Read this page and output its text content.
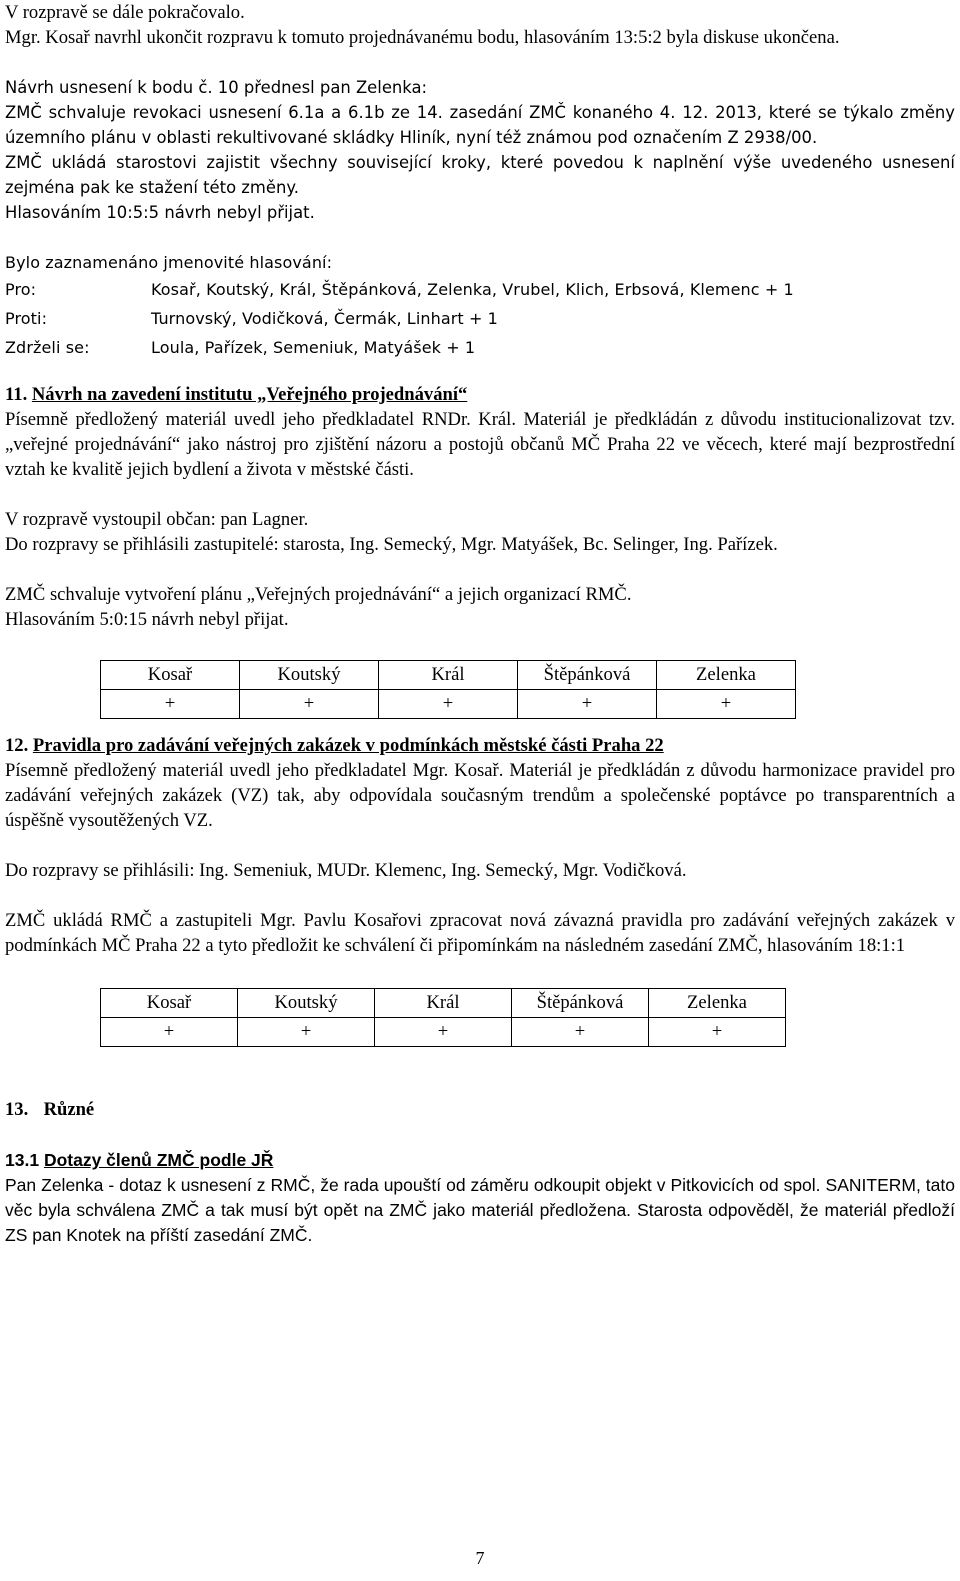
V rozpravě se dále pokračovalo.

Mgr. Kosař navrhl ukončit rozpravu k tomuto projednávanému bodu, hlasováním 13:5:2 byla diskuse ukončena.

Návrh usnesení k bodu č. 10 přednesl pan Zelenka:

ZMČ schvaluje revokaci usnesení 6.1a a 6.1b ze 14. zasedání ZMČ konaného 4. 12. 2013, které se týkalo změny územního plánu v oblasti rekultivované skládky Hliník, nyní též známou pod označením Z 2938/00.

ZMČ ukládá starostovi zajistit všechny související kroky, které povedou k naplnění výše uvedeného usnesení zejména pak ke stažení této změny.

Hlasováním 10:5:5 návrh nebyl přijat.

Bylo zaznamenáno jmenovité hlasování:

Pro:	Kosař, Koutský, Král, Štěpánková, Zelenka, Vrubel, Klich, Erbsová, Klemenc + 1
Proti:	Turnovský, Vodičková, Čermák, Linhart + 1
Zdrželi se:	Loula, Pařízek, Semeniuk, Matyášek + 1

11. Návrh na zavedení institutu „Veřejného projednávání“

Písemně předložený materiál uvedl jeho předkladatel RNDr. Král. Materiál je předkládán z důvodu institucionalizovat tzv. „veřejné projednávání“ jako nástroj pro zjištění názoru a postojů občanů MČ Praha 22 ve věcech, které mají bezprostřední vztah ke kvalitě jejich bydlení a života v městské části.

V rozpravě vystoupil občan: pan Lagner.

Do rozpravy se přihlásili zastupitelé: starosta, Ing. Semecký, Mgr. Matyášek, Bc. Selinger, Ing. Pařízek.

ZMČ schvaluje vytvoření plánu „Veřejných projednávání“ a jejich organizací RMČ.

Hlasováním 5:0:15 návrh nebyl přijat.

Kosař	Koutský	Král	Štěpánková	Zelenka
+	+	+	+	+

12. Pravidla pro zadávání veřejných zakázek v podmínkách městské části Praha 22

Písemně předložený materiál uvedl jeho předkladatel Mgr. Kosař. Materiál je předkládán z důvodu harmonizace pravidel pro zadávání veřejných zakázek (VZ) tak, aby odpovídala současným trendům a společenské poptávce po transparentních a úspěšně vysoutěžených VZ.

Do rozpravy se přihlásili: Ing. Semeniuk, MUDr. Klemenc, Ing. Semecký, Mgr. Vodičková.

ZMČ ukládá RMČ a zastupiteli Mgr. Pavlu Kosařovi zpracovat nová závazná pravidla pro zadávání veřejných zakázek v podmínkách MČ Praha 22 a tyto předložit ke schválení či připomínkám na následném zasedání ZMČ, hlasováním 18:1:1

Kosař	Koutský	Král	Štěpánková	Zelenka
+	+	+	+	+

13. Různé

13.1 Dotazy členů ZMČ podle JŘ

Pan Zelenka - dotaz k usnesení z RMČ, že rada upouští od záměru odkoupit objekt v Pitkovicích od spol. SANITERM, tato věc byla schválena ZMČ a tak musí být opět na ZMČ jako materiál předložena. Starosta odpověděl, že materiál předloží ZS pan Knotek na příští zasedání ZMČ.

7
